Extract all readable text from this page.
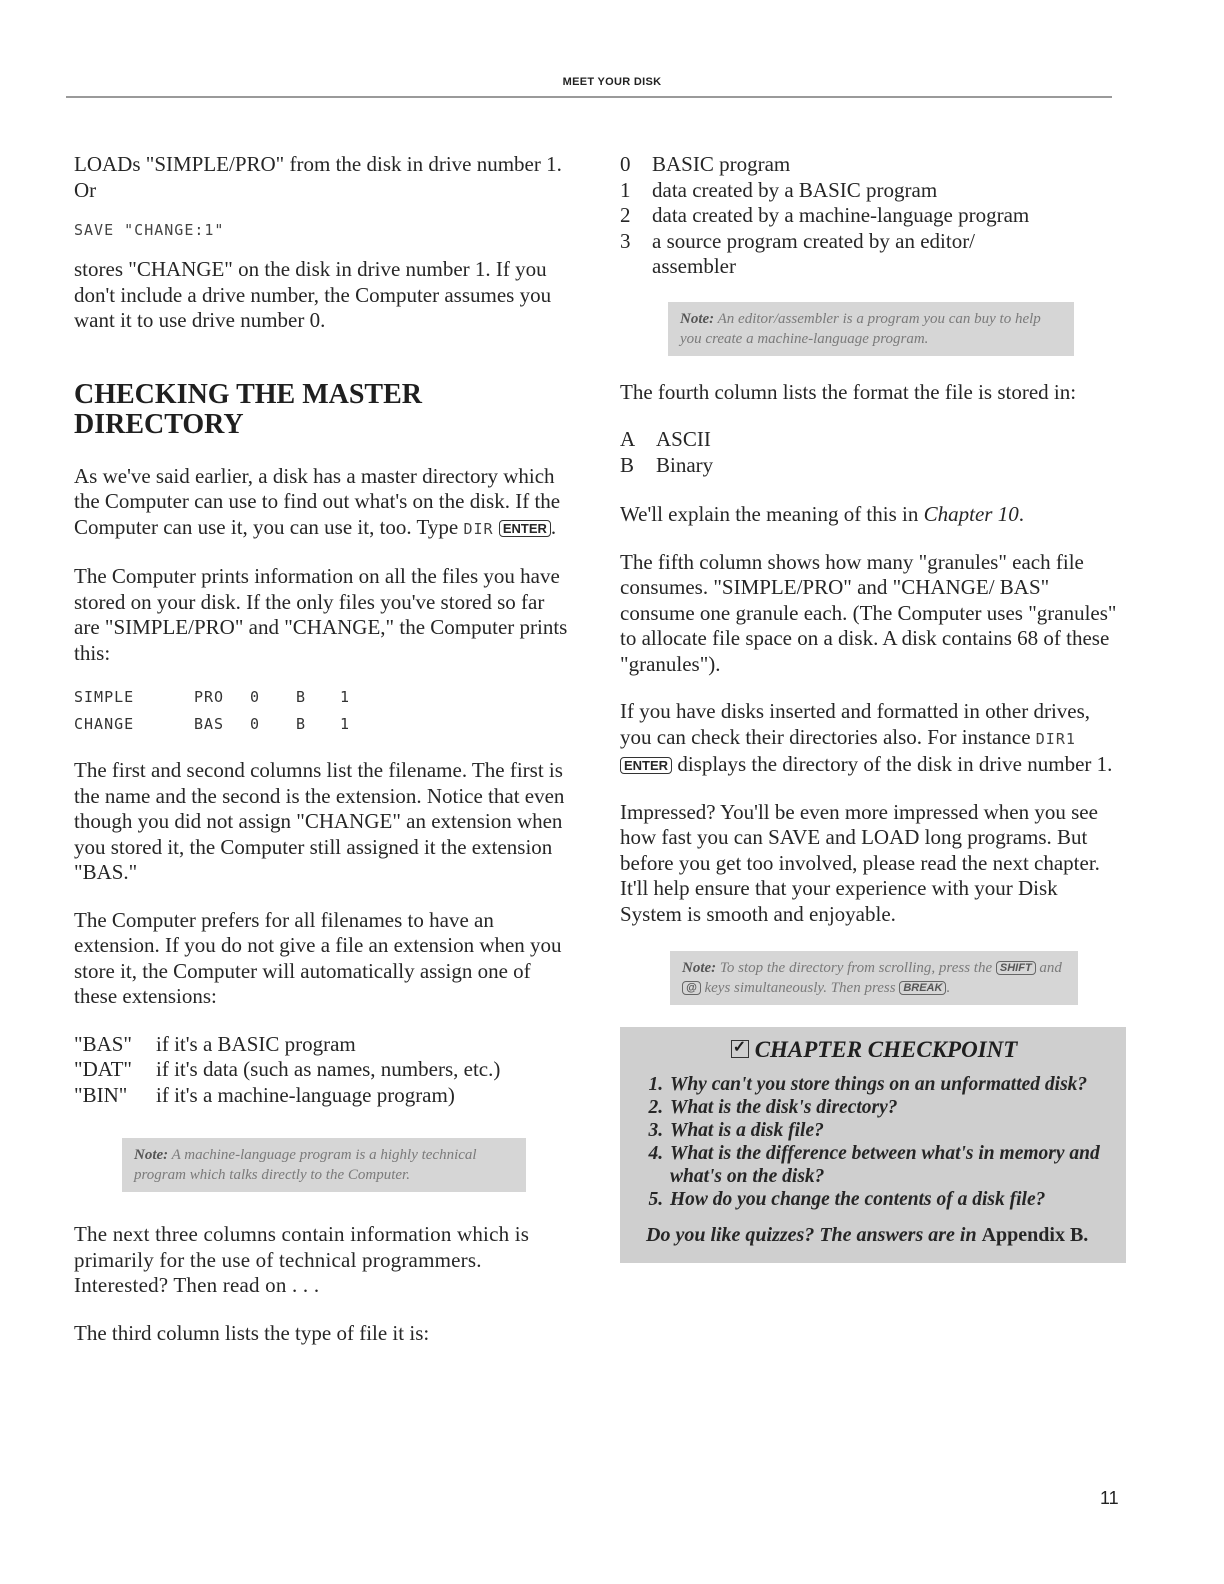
MEET YOUR DISK

LOADs "SIMPLE/PRO" from the disk in drive number 1. Or

SAVE "CHANGE:1"

stores "CHANGE" on the disk in drive number 1. If you don't include a drive number, the Computer assumes you want it to use drive number 0.

CHECKING THE MASTER DIRECTORY

As we've said earlier, a disk has a master directory which the Computer can use to find out what's on the disk. If the Computer can use it, you can use it, too. Type DIR ENTER .

The Computer prints information on all the files you have stored on your disk. If the only files you've stored so far are "SIMPLE/PRO" and "CHANGE," the Computer prints this:

SIMPLE	PRO	0	B	1
CHANGE	BAS	0	B	1

The first and second columns list the filename. The first is the name and the second is the extension. Notice that even though you did not assign "CHANGE" an extension when you stored it, the Computer still assigned it the extension "BAS."

The Computer prefers for all filenames to have an extension. If you do not give a file an extension when you store it, the Computer will automatically assign one of these extensions:

"BAS"	if it's a BASIC program
"DAT"	if it's data (such as names, numbers, etc.)
"BIN"	if it's a machine-language program)
Note: A machine-language program is a highly technical program which talks directly to the Computer.

The next three columns contain information which is primarily for the use of technical programmers. Interested? Then read on . . .

The third column lists the type of file it is:

0	BASIC program
1	data created by a BASIC program
2	data created by a machine-language program
3	a source program created by an editor/ assembler
Note: An editor/assembler is a program you can buy to help you create a machine-language program.

The fourth column lists the format the file is stored in:

A	ASCII
B	Binary

We'll explain the meaning of this in Chapter 10.

The fifth column shows how many "granules" each file consumes. "SIMPLE/PRO" and "CHANGE/ BAS" consume one granule each. (The Computer uses "granules" to allocate file space on a disk. A disk contains 68 of these "granules").

If you have disks inserted and formatted in other drives, you can check their directories also. For instance DIR1 ENTER displays the directory of the disk in drive number 1.

Impressed? You'll be even more impressed when you see how fast you can SAVE and LOAD long programs. But before you get too involved, please read the next chapter. It'll help ensure that your experience with your Disk System is smooth and enjoyable.

Note: To stop the directory from scrolling, press the SHIFT and @ keys simultaneously. Then press BREAK .
✓CHAPTER CHECKPOINT
1. Why can't you store things on an unformatted disk?
2. What is the disk's directory?
3. What is a disk file?
4. What is the difference between what's in memory and what's on the disk?
5. How do you change the contents of a disk file?
Do you like quizzes? The answers are in Appendix B.
11
